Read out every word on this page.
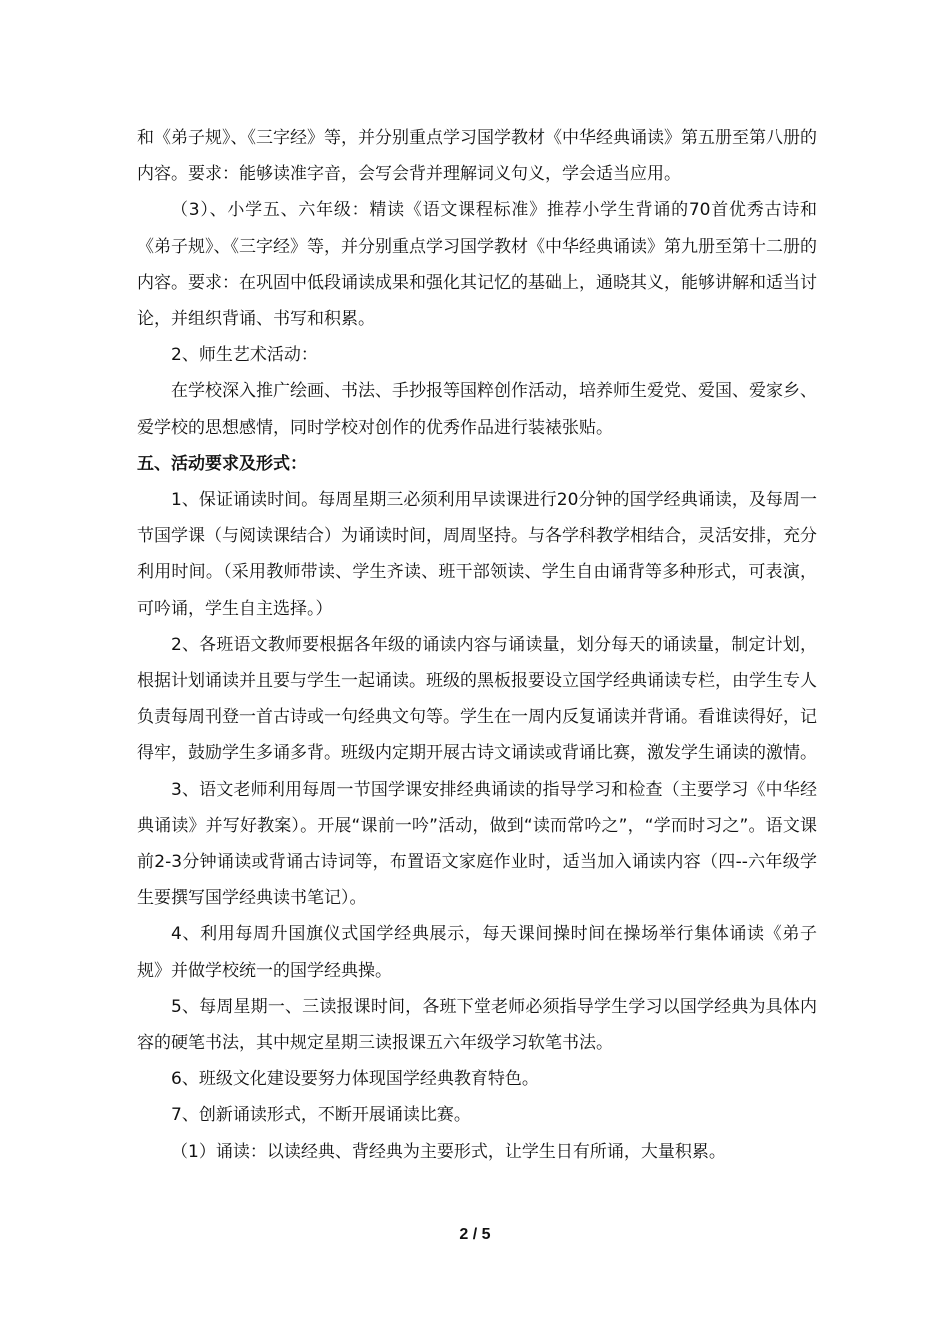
和《弟子规》、《三字经》等，并分别重点学习国学教材《中华经典诵读》第五册至第八册的内容。要求：能够读准字音，会写会背并理解词义句义，学会适当应用。

（3）、小学五、六年级：精读《语文课程标准》推荐小学生背诵的70首优秀古诗和《弟子规》、《三字经》等，并分别重点学习国学教材《中华经典诵读》第九册至第十二册的内容。要求：在巩固中低段诵读成果和强化其记忆的基础上，通晓其义，能够讲解和适当讨论，并组织背诵、书写和积累。

2、师生艺术活动：

在学校深入推广绘画、书法、手抄报等国粹创作活动，培养师生爱党、爱国、爱家乡、爱学校的思想感情，同时学校对创作的优秀作品进行装裱张贴。

五、活动要求及形式：

1、保证诵读时间。每周星期三必须利用早读课进行20分钟的国学经典诵读，及每周一节国学课（与阅读课结合）为诵读时间，周周坚持。与各学科教学相结合，灵活安排，充分利用时间。（采用教师带读、学生齐读、班干部领读、学生自由诵背等多种形式，可表演，可吟诵，学生自主选择。）

2、各班语文教师要根据各年级的诵读内容与诵读量，划分每天的诵读量，制定计划，根据计划诵读并且要与学生一起诵读。班级的黑板报要设立国学经典诵读专栏，由学生专人负责每周刊登一首古诗或一句经典文句等。学生在一周内反复诵读并背诵。看谁读得好，记得牢，鼓励学生多诵多背。班级内定期开展古诗文诵读或背诵比赛，激发学生诵读的激情。

3、语文老师利用每周一节国学课安排经典诵读的指导学习和检查（主要学习《中华经典诵读》并写好教案）。开展“课前一吟”活动，做到“读而常吟之”，“学而时习之”。语文课前2-3分钟诵读或背诵古诗词等，布置语文家庭作业时，适当加入诵读内容（四--六年级学生要撰写国学经典读书笔记）。

4、利用每周升国旗仪式国学经典展示，每天课间操时间在操场举行集体诵读《弟子规》并做学校统一的国学经典操。

5、每周星期一、三读报课时间，各班下堂老师必须指导学生学习以国学经典为具体内容的硬笔书法，其中规定星期三读报课五六年级学习软笔书法。

6、班级文化建设要努力体现国学经典教育特色。

7、创新诵读形式，不断开展诵读比赛。

（1）诵读：以读经典、背经典为主要形式，让学生日有所诵，大量积累。

2 / 5
